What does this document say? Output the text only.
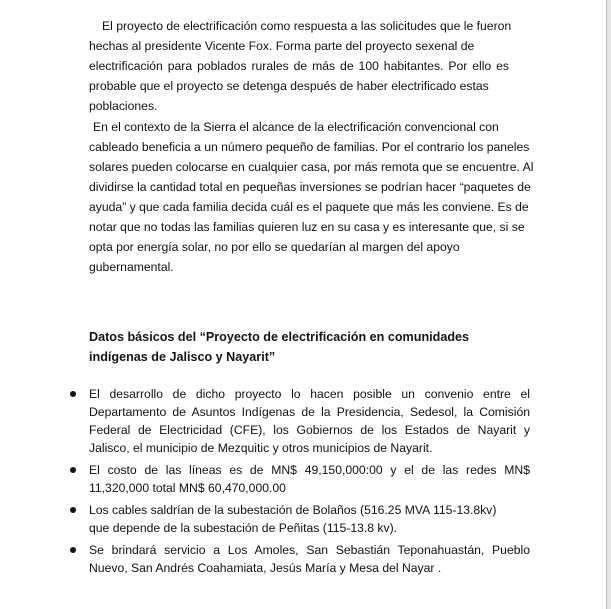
El proyecto de electrificación como respuesta a las solicitudes que le fueron
hechas al presidente Vicente Fox. Forma parte del proyecto sexenal de
electrificación para poblados rurales de más de 100 habitantes. Por ello es
probable que el proyecto se detenga después de haber electrificado estas
poblaciones.
En el contexto de la Sierra el alcance de la electrificación convencional con
cableado beneficia a un número pequeño de familias. Por el contrario los paneles
solares pueden colocarse en cualquier casa, por más remota que se encuentre. Al
dividirse la cantidad total en pequeñas inversiones se podrían hacer “paquetes de
ayuda” y que cada familia decida cuál es el paquete que más les conviene. Es de
notar que no todas las familias quieren luz en su casa y es interesante que, si se
opta por energía solar, no por ello se quedarían al margen del apoyo
gubernamental.
Datos básicos del “Proyecto de electrificación en comunidades
indígenas de Jalisco y Nayarit”
El desarrollo de dicho proyecto lo hacen posible un convenio entre el
Departamento de Asuntos Indígenas de la Presidencia, Sedesol, la Comisión
Federal de Electricidad (CFE), los Gobiernos de los Estados de Nayarit y
Jalisco, el municipio de Mezquitic y otros municipios de Nayarit.
El costo de las líneas es de MN$ 49,150,000:00 y el de las redes MN$
11,320,000 total MN$ 60,470,000.00
Los cables saldrían de la subestación de Bolaños (516.25 MVA 115-13.8kv)
que depende de la subestación de Peñitas (115-13.8 kv).
Se brindará servicio a Los Amoles, San Sebastián Teponahuastán, Pueblo
Nuevo, San Andrés Coahamiata, Jesús María y Mesa del Nayar .
